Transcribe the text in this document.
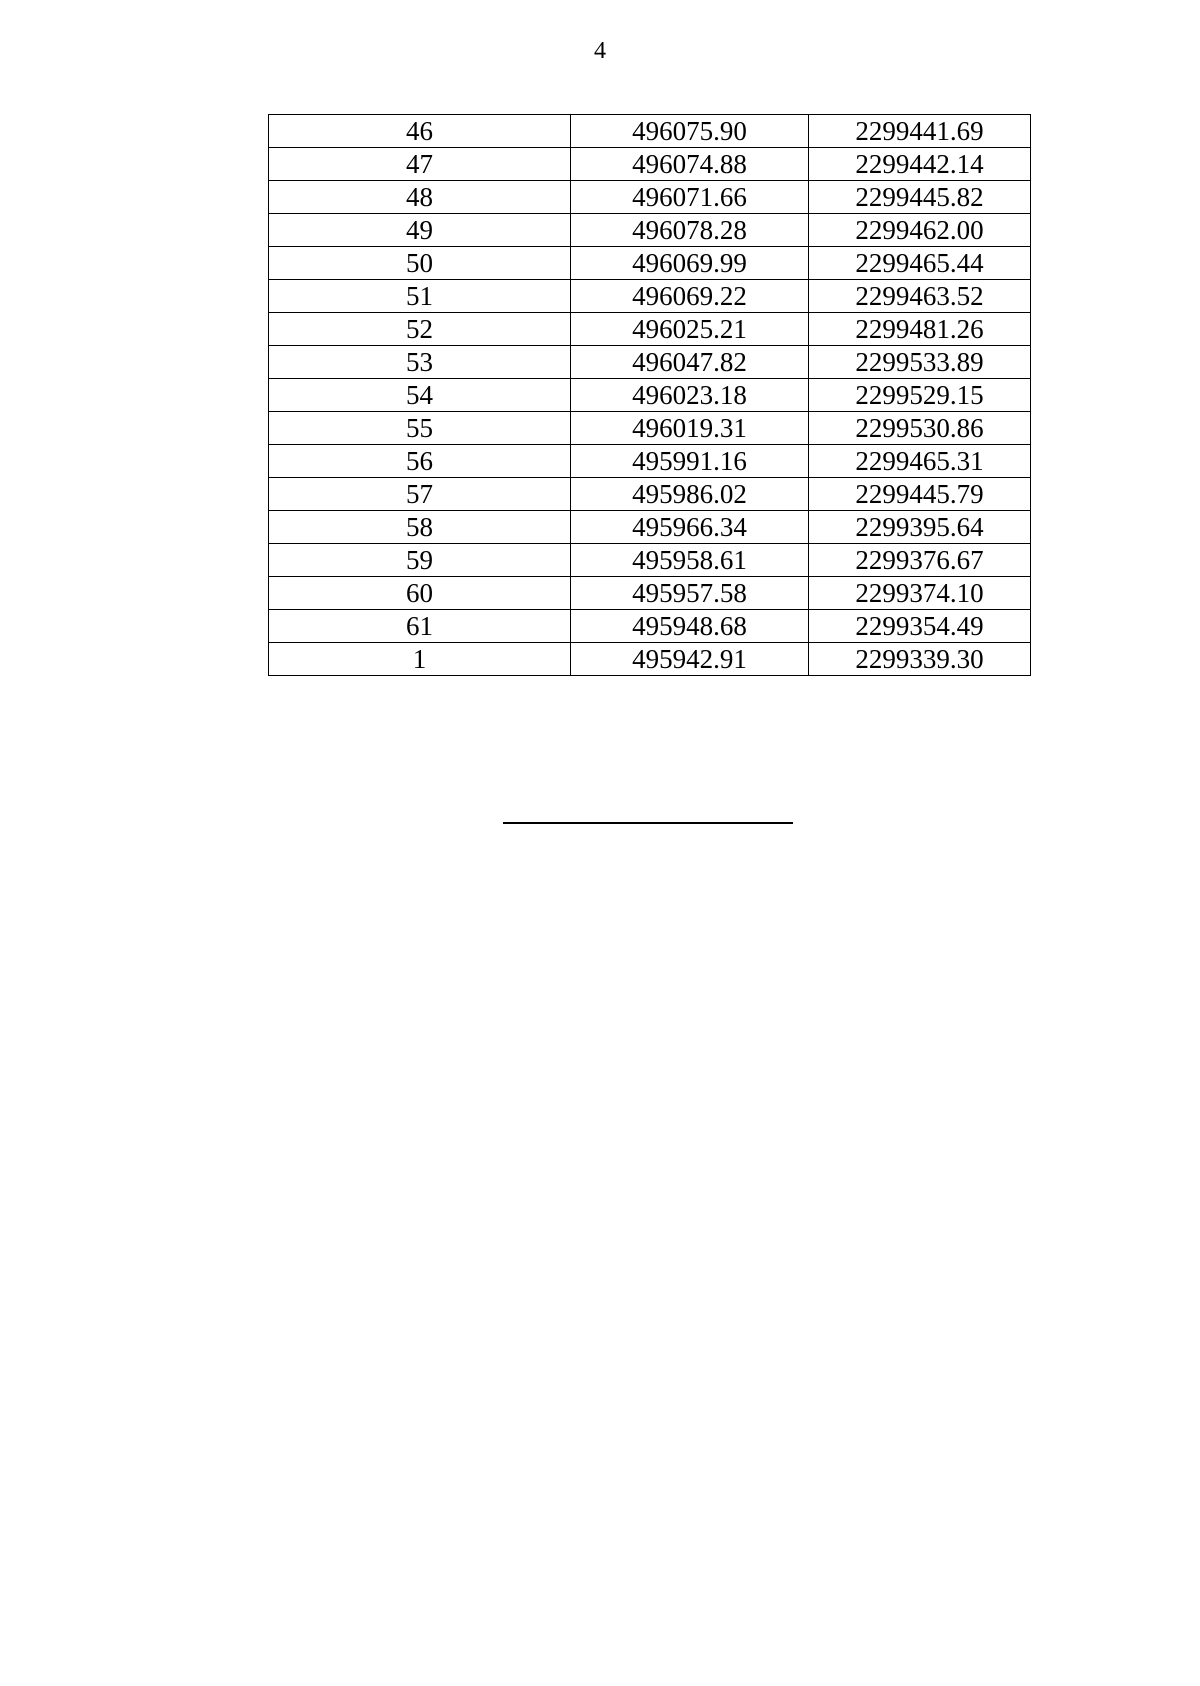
4
46	496075.90	2299441.69
47	496074.88	2299442.14
48	496071.66	2299445.82
49	496078.28	2299462.00
50	496069.99	2299465.44
51	496069.22	2299463.52
52	496025.21	2299481.26
53	496047.82	2299533.89
54	496023.18	2299529.15
55	496019.31	2299530.86
56	495991.16	2299465.31
57	495986.02	2299445.79
58	495966.34	2299395.64
59	495958.61	2299376.67
60	495957.58	2299374.10
61	495948.68	2299354.49
1	495942.91	2299339.30
